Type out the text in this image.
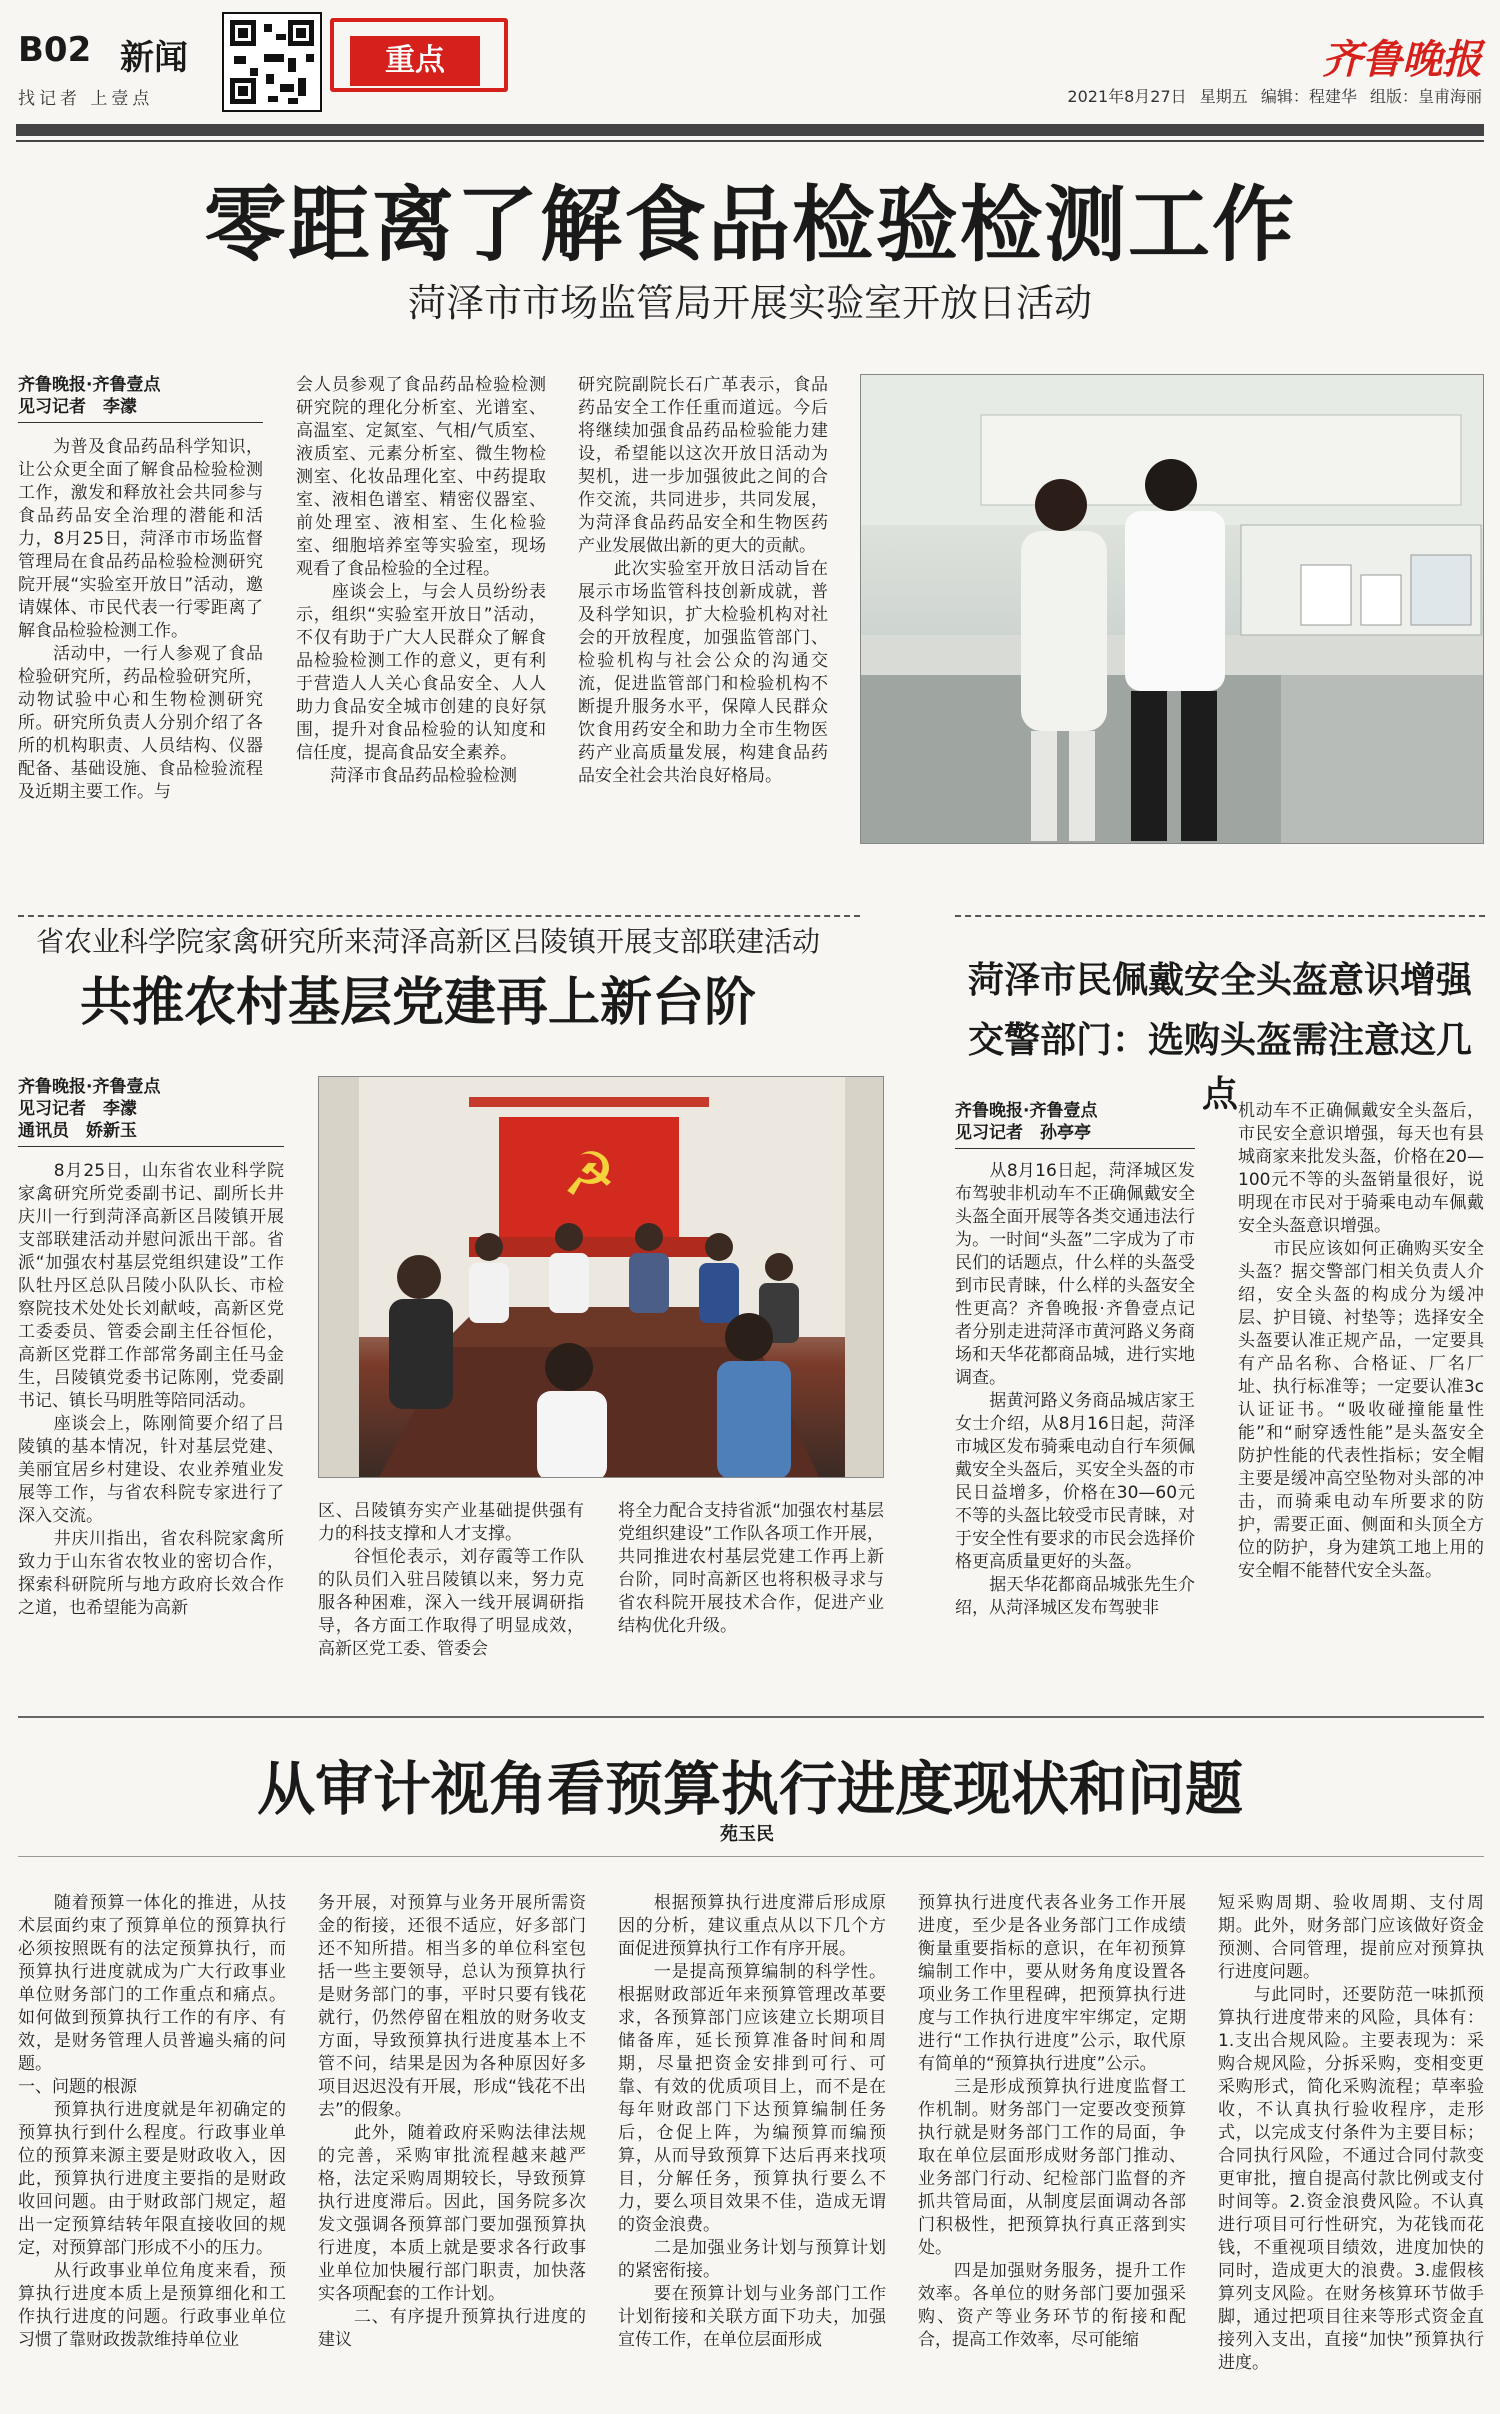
B02 新闻
找记者 上壹点
重点	齐鲁晚报
2021年8月27日 星期五 编辑：程建华 组版：皇甫海丽
零距离了解食品检验检测工作
菏泽市市场监管局开展实验室开放日活动
齐鲁晚报·齐鲁壹点
见习记者　李濛
　　为普及食品药品科学知识，让公众更全面了解食品检验检测工作，激发和释放社会共同参与食品药品安全治理的潜能和活力，8月25日，菏泽市市场监督管理局在食品药品检验检测研究院开展“实验室开放日”活动，邀请媒体、市民代表一行零距离了解食品检验检测工作。
　　活动中，一行人参观了食品检验研究所，药品检验研究所，动物试验中心和生物检测研究所。研究所负责人分别介绍了各所的机构职责、人员结构、仪器配备、基础设施、食品检验流程及近期主要工作。与
会人员参观了食品药品检验检测研究院的理化分析室、光谱室、高温室、定氮室、气相/气质室、液质室、元素分析室、微生物检测室、化妆品理化室、中药提取室、液相色谱室、精密仪器室、前处理室、液相室、生化检验室、细胞培养室等实验室，现场观看了食品检验的全过程。
　　座谈会上，与会人员纷纷表示，组织“实验室开放日”活动，不仅有助于广大人民群众了解食品检验检测工作的意义，更有利于营造人人关心食品安全、人人助力食品安全城市创建的良好氛围，提升对食品检验的认知度和信任度，提高食品安全素养。
　　菏泽市食品药品检验检测
研究院副院长石广革表示，食品药品安全工作任重而道远。今后将继续加强食品药品检验能力建设，希望能以这次开放日活动为契机，进一步加强彼此之间的合作交流，共同进步，共同发展，为菏泽食品药品安全和生物医药产业发展做出新的更大的贡献。
　　此次实验室开放日活动旨在展示市场监管科技创新成就，普及科学知识，扩大检验机构对社会的开放程度，加强监管部门、检验机构与社会公众的沟通交流，促进监管部门和检验机构不断提升服务水平，保障人民群众饮食用药安全和助力全市生物医药产业高质量发展，构建食品药品安全社会共治良好格局。
省农业科学院家禽研究所来菏泽高新区吕陵镇开展支部联建活动
共推农村基层党建再上新台阶
齐鲁晚报·齐鲁壹点
见习记者　李濛
通讯员　娇新玉
　　8月25日，山东省农业科学院家禽研究所党委副书记、副所长井庆川一行到菏泽高新区吕陵镇开展支部联建活动并慰问派出干部。省派“加强农村基层党组织建设”工作队牡丹区总队吕陵小队队长、市检察院技术处处长刘献岐，高新区党工委委员、管委会副主任谷恒伦，高新区党群工作部常务副主任马金生，吕陵镇党委书记陈刚，党委副书记、镇长马明胜等陪同活动。
　　座谈会上，陈刚简要介绍了吕陵镇的基本情况，针对基层党建、美丽宜居乡村建设、农业养殖业发展等工作，与省农科院专家进行了深入交流。
　　井庆川指出，省农科院家禽所致力于山东省农牧业的密切合作，探索科研院所与地方政府长效合作之道，也希望能为高新
☭
区、吕陵镇夯实产业基础提供强有力的科技支撑和人才支撑。
　　谷恒伦表示，刘存霞等工作队的队员们入驻吕陵镇以来，努力克服各种困难，深入一线开展调研指导，各方面工作取得了明显成效，高新区党工委、管委会
将全力配合支持省派“加强农村基层党组织建设”工作队各项工作开展，共同推进农村基层党建工作再上新台阶，同时高新区也将积极寻求与省农科院开展技术合作，促进产业结构优化升级。
菏泽市民佩戴安全头盔意识增强
交警部门：选购头盔需注意这几点
齐鲁晚报·齐鲁壹点
见习记者　孙亭亭
　　从8月16日起，菏泽城区发布驾驶非机动车不正确佩戴安全头盔全面开展等各类交通违法行为。一时间“头盔”二字成为了市民们的话题点，什么样的头盔受到市民青睐，什么样的头盔安全性更高？齐鲁晚报·齐鲁壹点记者分别走进菏泽市黄河路义务商场和天华花都商品城，进行实地调查。
　　据黄河路义务商品城店家王女士介绍，从8月16日起，菏泽市城区发布骑乘电动自行车须佩戴安全头盔后，买安全头盔的市民日益增多，价格在30—60元不等的头盔比较受市民青睐，对于安全性有要求的市民会选择价格更高质量更好的头盔。
　　据天华花都商品城张先生介绍，从菏泽城区发布驾驶非
机动车不正确佩戴安全头盔后，市民安全意识增强，每天也有县城商家来批发头盔，价格在20—100元不等的头盔销量很好，说明现在市民对于骑乘电动车佩戴安全头盔意识增强。
　　市民应该如何正确购买安全头盔？据交警部门相关负责人介绍，安全头盔的构成分为缓冲层、护目镜、衬垫等；选择安全头盔要认准正规产品，一定要具有产品名称、合格证、厂名厂址、执行标准等；一定要认准3c认证证书。“吸收碰撞能量性能”和“耐穿透性能”是头盔安全防护性能的代表性指标；安全帽主要是缓冲高空坠物对头部的冲击，而骑乘电动车所要求的防护，需要正面、侧面和头顶全方位的防护，身为建筑工地上用的安全帽不能替代安全头盔。
从审计视角看预算执行进度现状和问题
苑玉民
　　随着预算一体化的推进，从技术层面约束了预算单位的预算执行必须按照既有的法定预算执行，而预算执行进度就成为广大行政事业单位财务部门的工作重点和痛点。如何做到预算执行工作的有序、有效，是财务管理人员普遍头痛的问题。
一、问题的根源
　　预算执行进度就是年初确定的预算执行到什么程度。行政事业单位的预算来源主要是财政收入，因此，预算执行进度主要指的是财政收回问题。由于财政部门规定，超出一定预算结转年限直接收回的规定，对预算部门形成不小的压力。
　　从行政事业单位角度来看，预算执行进度本质上是预算细化和工作执行进度的问题。行政事业单位习惯了靠财政拨款维持单位业
务开展，对预算与业务开展所需资金的衔接，还很不适应，好多部门还不知所措。相当多的单位科室包括一些主要领导，总认为预算执行是财务部门的事，平时只要有钱花就行，仍然停留在粗放的财务收支方面，导致预算执行进度基本上不管不问，结果是因为各种原因好多项目迟迟没有开展，形成“钱花不出去”的假象。
　　此外，随着政府采购法律法规的完善，采购审批流程越来越严格，法定采购周期较长，导致预算执行进度滞后。因此，国务院多次发文强调各预算部门要加强预算执行进度，本质上就是要求各行政事业单位加快履行部门职责，加快落实各项配套的工作计划。
　　二、有序提升预算执行进度的建议
　　根据预算执行进度滞后形成原因的分析，建议重点从以下几个方面促进预算执行工作有序开展。
　　一是提高预算编制的科学性。根据财政部近年来预算管理改革要求，各预算部门应该建立长期项目储备库，延长预算准备时间和周期，尽量把资金安排到可行、可靠、有效的优质项目上，而不是在每年财政部门下达预算编制任务后，仓促上阵，为编预算而编预算，从而导致预算下达后再来找项目，分解任务，预算执行要么不力，要么项目效果不佳，造成无谓的资金浪费。
　　二是加强业务计划与预算计划的紧密衔接。
　　要在预算计划与业务部门工作计划衔接和关联方面下功夫，加强宣传工作，在单位层面形成
预算执行进度代表各业务工作开展进度，至少是各业务部门工作成绩衡量重要指标的意识，在年初预算编制工作中，要从财务角度设置各项业务工作里程碑，把预算执行进度与工作执行进度牢牢绑定，定期进行“工作执行进度”公示，取代原有简单的“预算执行进度”公示。
　　三是形成预算执行进度监督工作机制。财务部门一定要改变预算执行就是财务部门工作的局面，争取在单位层面形成财务部门推动、业务部门行动、纪检部门监督的齐抓共管局面，从制度层面调动各部门积极性，把预算执行真正落到实处。
　　四是加强财务服务，提升工作效率。各单位的财务部门要加强采购、资产等业务环节的衔接和配合，提高工作效率，尽可能缩
短采购周期、验收周期、支付周期。此外，财务部门应该做好资金预测、合同管理，提前应对预算执行进度问题。
　　与此同时，还要防范一味抓预算执行进度带来的风险，具体有：1.支出合规风险。主要表现为：采购合规风险，分拆采购，变相变更采购形式，简化采购流程；草率验收，不认真执行验收程序，走形式，以完成支付条件为主要目标；合同执行风险，不通过合同付款变更审批，擅自提高付款比例或支付时间等。2.资金浪费风险。不认真进行项目可行性研究，为花钱而花钱，不重视项目绩效，进度加快的同时，造成更大的浪费。3.虚假核算列支风险。在财务核算环节做手脚，通过把项目往来等形式资金直接列入支出，直接“加快”预算执行进度。
